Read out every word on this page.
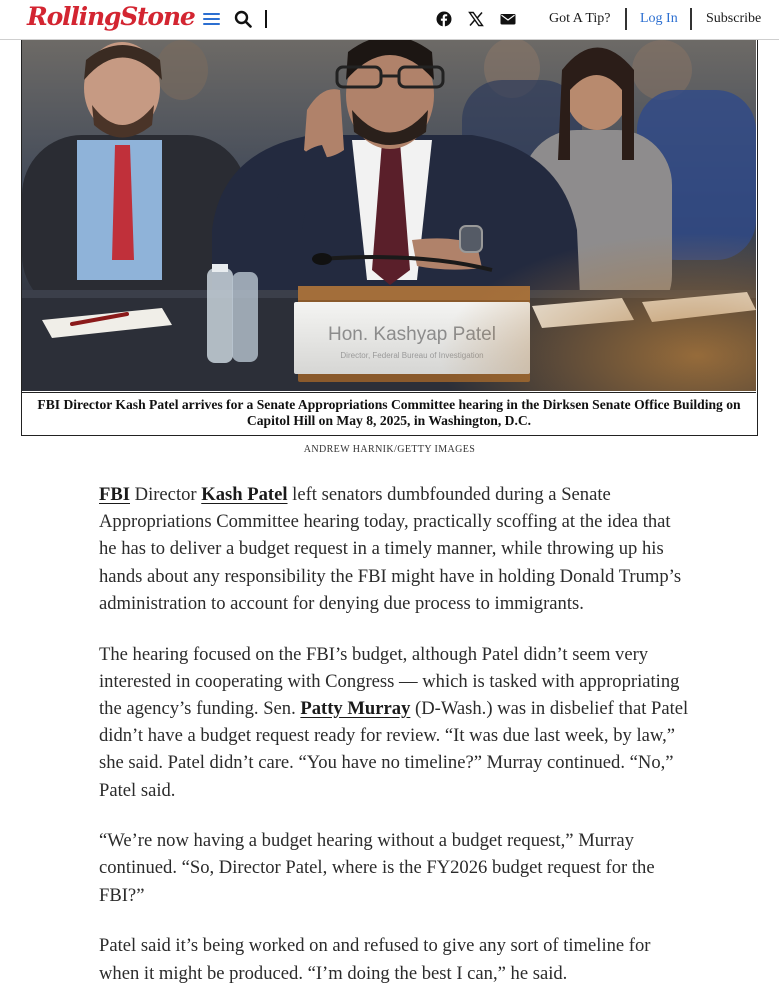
RollingStone	Got A Tip? Log In Subscribe
FBI Director Kash Patel arrives for a Senate Appropriations Committee hearing in the Dirksen Senate Office Building on Capitol Hill on May 8, 2025, in Washington, D.C.
ANDREW HARNIK/GETTY IMAGES

FBI Director Kash Patel left senators dumbfounded during a Senate Appropriations Committee hearing today, practically scoffing at the idea that he has to deliver a budget request in a timely manner, while throwing up his hands about any responsibility the FBI might have in holding Donald Trump’s administration to account for denying due process to immigrants.

The hearing focused on the FBI’s budget, although Patel didn’t seem very interested in cooperating with Congress — which is tasked with appropriating the agency’s funding. Sen. Patty Murray (D-Wash.) was in disbelief that Patel didn’t have a budget request ready for review. “It was due last week, by law,” she said. Patel didn’t care. “You have no timeline?” Murray continued. “No,” Patel said.

“We’re now having a budget hearing without a budget request,” Murray continued. “So, Director Patel, where is the FY2026 budget request for the FBI?”

Patel said it’s being worked on and refused to give any sort of timeline for when it might be produced. “I’m doing the best I can,” he said.
